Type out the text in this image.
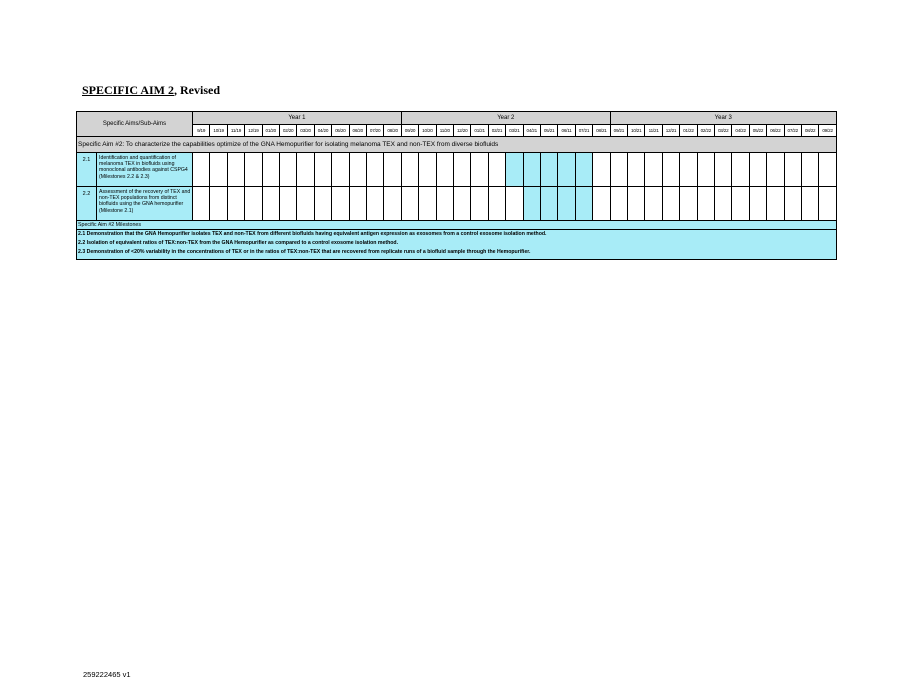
SPECIFIC AIM 2, Revised
Specific Aims/Sub-Aims		Year 1												Year 2												Year 3												
		9/19	10/19	11/19	12/19	01/20	02/20	03/20	04/20	05/20	06/20	07/20	08/20	09/20	10/20	11/20	12/20	01/21	02/21	03/21	04/21	05/21	06/11	07/21	08/21	09/21	10/21	11/21	12/21	01/22	02/22	03/22	04/22	05/22	06/22	07/22	08/22	09/22
Specific Aim #2: To characterize the capabilities optimize of the GNA Hemopurifier for isolating melanoma TEX and non-TEX from diverse biofluids																																						
2.1	Identification and quantification of melanoma TEX in biofluids using monoclonal antibodies against CSPG4 (Milestones 2.2 & 2.3)																																					
2.2	Assessment of the recovery of TEX and non-TEX populations from distinct biofluids using the GNA hemopurifier (Milestone 2.1)																																					
Specific Aim #2 Milestones																																						

2.1 Demonstration that the GNA Hemopurifier isolates TEX and non-TEX from different biofluids having equivalent antigen expression as exosomes from a control exosome isolation method.
2.2 Isolation of equivalent ratios of TEX:non-TEX from the GNA Hemopurifier as compared to a control exosome isolation method.
2.3 Demonstration of <20% variability in the concentrations of TEX or in the ratios of TEX:non-TEX that are recovered from replicate runs of a biofluid sample through the Hemopurifier.																																						
259222465 v1
